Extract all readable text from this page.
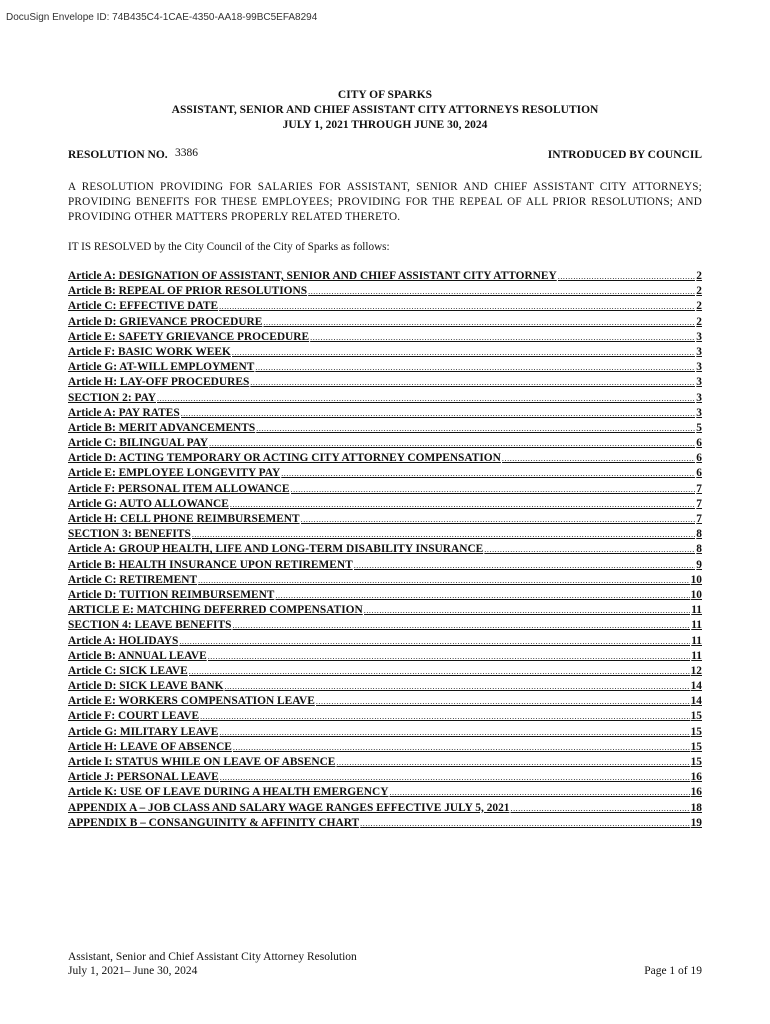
DocuSign Envelope ID: 74B435C4-1CAE-4350-AA18-99BC5EFA8294
CITY OF SPARKS
ASSISTANT, SENIOR AND CHIEF ASSISTANT CITY ATTORNEYS RESOLUTION
JULY 1, 2021 THROUGH JUNE 30, 2024
RESOLUTION NO. 3386	INTRODUCED BY COUNCIL
A RESOLUTION PROVIDING FOR SALARIES FOR ASSISTANT, SENIOR AND CHIEF ASSISTANT CITY ATTORNEYS; PROVIDING BENEFITS FOR THESE EMPLOYEES; PROVIDING FOR THE REPEAL OF ALL PRIOR RESOLUTIONS; AND PROVIDING OTHER MATTERS PROPERLY RELATED THERETO.
IT IS RESOLVED by the City Council of the City of Sparks as follows:
Article A: DESIGNATION OF ASSISTANT, SENIOR AND CHIEF ASSISTANT CITY ATTORNEY .....	2
Article B: REPEAL OF PRIOR RESOLUTIONS .....	2
Article C: EFFECTIVE DATE .....	2
Article D: GRIEVANCE PROCEDURE .....	2
Article E: SAFETY GRIEVANCE PROCEDURE .....	3
Article F: BASIC WORK WEEK .....	3
Article G: AT-WILL EMPLOYMENT .....	3
Article H: LAY-OFF PROCEDURES .....	3
SECTION 2: PAY .....	3
Article A: PAY RATES .....	3
Article B: MERIT ADVANCEMENTS .....	5
Article C: BILINGUAL PAY .....	6
Article D: ACTING TEMPORARY OR ACTING CITY ATTORNEY COMPENSATION .....	6
Article E: EMPLOYEE LONGEVITY PAY .....	6
Article F: PERSONAL ITEM ALLOWANCE .....	7
Article G: AUTO ALLOWANCE .....	7
Article H: CELL PHONE REIMBURSEMENT .....	7
SECTION 3: BENEFITS .....	8
Article A: GROUP HEALTH, LIFE AND LONG-TERM DISABILITY INSURANCE .....	8
Article B: HEALTH INSURANCE UPON RETIREMENT .....	9
Article C: RETIREMENT .....	10
Article D: TUITION REIMBURSEMENT .....	10
ARTICLE E: MATCHING DEFERRED COMPENSATION .....	11
SECTION 4: LEAVE BENEFITS .....	11
Article A: HOLIDAYS .....	11
Article B: ANNUAL LEAVE .....	11
Article C: SICK LEAVE .....	12
Article D: SICK LEAVE BANK .....	14
Article E: WORKERS COMPENSATION LEAVE .....	14
Article F: COURT LEAVE .....	15
Article G: MILITARY LEAVE .....	15
Article H: LEAVE OF ABSENCE .....	15
Article I: STATUS WHILE ON LEAVE OF ABSENCE .....	15
Article J: PERSONAL LEAVE .....	16
Article K: USE OF LEAVE DURING A HEALTH EMERGENCY .....	16
APPENDIX A – JOB CLASS AND SALARY WAGE RANGES EFFECTIVE JULY 5, 2021 .....	18
APPENDIX B – CONSANGUINITY & AFFINITY CHART .....	19
Assistant, Senior and Chief Assistant City Attorney Resolution
July 1, 2021– June 30, 2024	Page 1 of 19
